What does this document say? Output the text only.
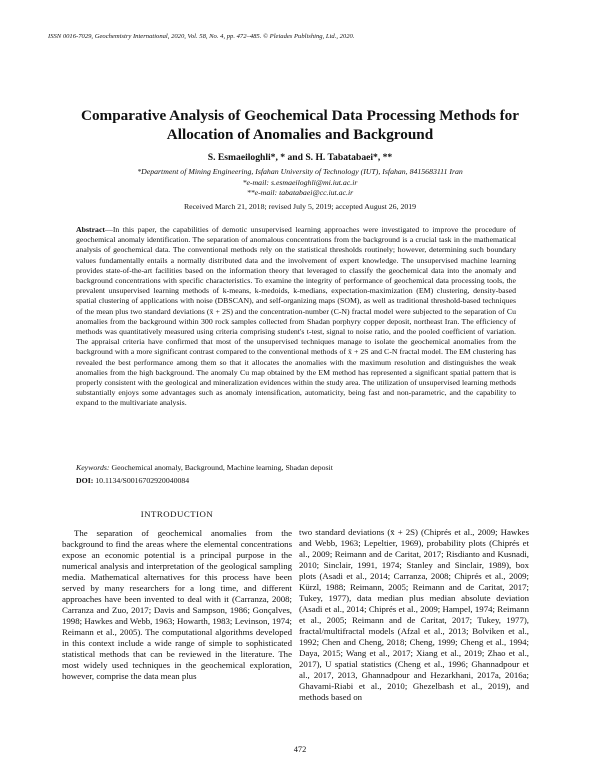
ISSN 0016-7029, Geochemistry International, 2020, Vol. 58, No. 4, pp. 472–485. © Pleiades Publishing, Ltd., 2020.
Comparative Analysis of Geochemical Data Processing Methods for Allocation of Anomalies and Background
S. Esmaeiloghli*, * and S. H. Tabatabaei*, **
*Department of Mining Engineering, Isfahan University of Technology (IUT), Isfahan, 8415683111 Iran
*e-mail: s.esmaeiloghli@mi.iut.ac.ir
**e-mail: tabatabaei@cc.iut.ac.ir
Received March 21, 2018; revised July 5, 2019; accepted August 26, 2019
Abstract—In this paper, the capabilities of demotic unsupervised learning approaches were investigated to improve the procedure of geochemical anomaly identification. The separation of anomalous concentrations from the background is a crucial task in the mathematical analysis of geochemical data. The conventional methods rely on the statistical thresholds routinely; however, determining such boundary values fundamentally entails a normally distributed data and the involvement of expert knowledge. The unsupervised machine learning provides state-of-the-art facilities based on the information theory that leveraged to classify the geochemical data into the anomaly and background concentrations with specific characteristics. To examine the integrity of performance of geochemical data processing tools, the prevalent unsupervised learning methods of k-means, k-medoids, k-medians, expectation-maximization (EM) clustering, density-based spatial clustering of applications with noise (DBSCAN), and self-organizing maps (SOM), as well as traditional threshold-based techniques of the mean plus two standard deviations (x̄ + 2S) and the concentration-number (C-N) fractal model were subjected to the separation of Cu anomalies from the background within 300 rock samples collected from Shadan porphyry copper deposit, northeast Iran. The efficiency of methods was quantitatively measured using criteria comprising student's t-test, signal to noise ratio, and the pooled coefficient of variation. The appraisal criteria have confirmed that most of the unsupervised techniques manage to isolate the geochemical anomalies from the background with a more significant contrast compared to the conventional methods of x̄ + 2S and C-N fractal model. The EM clustering has revealed the best performance among them so that it allocates the anomalies with the maximum resolution and distinguishes the weak anomalies from the high background. The anomaly Cu map obtained by the EM method has represented a significant spatial pattern that is properly consistent with the geological and mineralization evidences within the study area. The utilization of unsupervised learning methods substantially enjoys some advantages such as anomaly intensification, automaticity, being fast and non-parametric, and the capability to expand to the multivariate analysis.
Keywords: Geochemical anomaly, Background, Machine learning, Shadan deposit
DOI: 10.1134/S0016702920040084
INTRODUCTION

The separation of geochemical anomalies from the background to find the areas where the elemental concentrations expose an economic potential is a principal purpose in the numerical analysis and interpretation of the geological sampling media. Mathematical alternatives for this process have been served by many researchers for a long time, and different approaches have been invented to deal with it (Carranza, 2008; Carranza and Zuo, 2017; Davis and Sampson, 1986; Gonçalves, 1998; Hawkes and Webb, 1963; Howarth, 1983; Levinson, 1974; Reimann et al., 2005). The computational algorithms developed in this context include a wide range of simple to sophisticated statistical methods that can be reviewed in the literature. The most widely used techniques in the geochemical exploration, however, comprise the data mean plus

two standard deviations (x̄ + 2S) (Chiprés et al., 2009; Hawkes and Webb, 1963; Lepeltier, 1969), probability plots (Chiprés et al., 2009; Reimann and de Caritat, 2017; Risdianto and Kusnadi, 2010; Sinclair, 1991, 1974; Stanley and Sinclair, 1989), box plots (Asadi et al., 2014; Carranza, 2008; Chiprés et al., 2009; Kürzl, 1988; Reimann, 2005; Reimann and de Caritat, 2017; Tukey, 1977), data median plus median absolute deviation (Asadi et al., 2014; Chiprés et al., 2009; Hampel, 1974; Reimann et al., 2005; Reimann and de Caritat, 2017; Tukey, 1977), fractal/multifractal models (Afzal et al., 2013; Bolviken et al., 1992; Chen and Cheng, 2018; Cheng, 1999; Cheng et al., 1994; Daya, 2015; Wang et al., 2017; Xiang et al., 2019; Zhao et al., 2017), U spatial statistics (Cheng et al., 1996; Ghannadpour et al., 2017, 2013, Ghannadpour and Hezarkhani, 2017a, 2016a; Ghavami-Riabi et al., 2010; Ghezelbash et al., 2019), and methods based on

472
